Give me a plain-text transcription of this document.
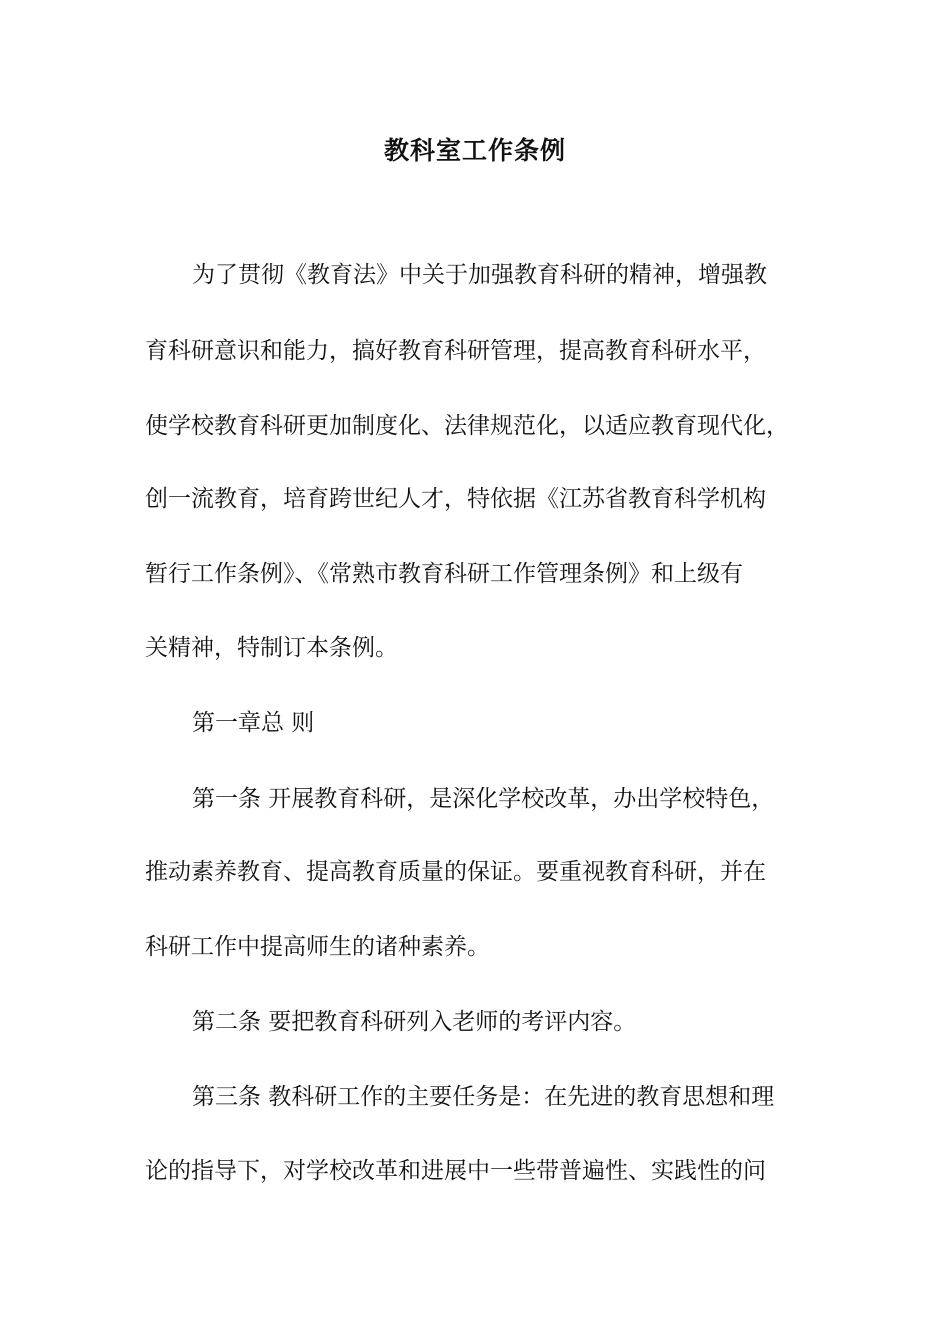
教科室工作条例

为了贯彻《教育法》中关于加强教育科研的精神，增强教

育科研意识和能力，搞好教育科研管理，提高教育科研水平，

使学校教育科研更加制度化、法律规范化，以适应教育现代化，

创一流教育，培育跨世纪人才，特依据《江苏省教育科学机构

暂行工作条例》、《常熟市教育科研工作管理条例》和上级有

关精神，特制订本条例。

第一章总 则

第一条 开展教育科研，是深化学校改革，办出学校特色，

推动素养教育、提高教育质量的保证。要重视教育科研，并在

科研工作中提高师生的诸种素养。

第二条 要把教育科研列入老师的考评内容。

第三条 教科研工作的主要任务是：在先进的教育思想和理

论的指导下，对学校改革和进展中一些带普遍性、实践性的问
